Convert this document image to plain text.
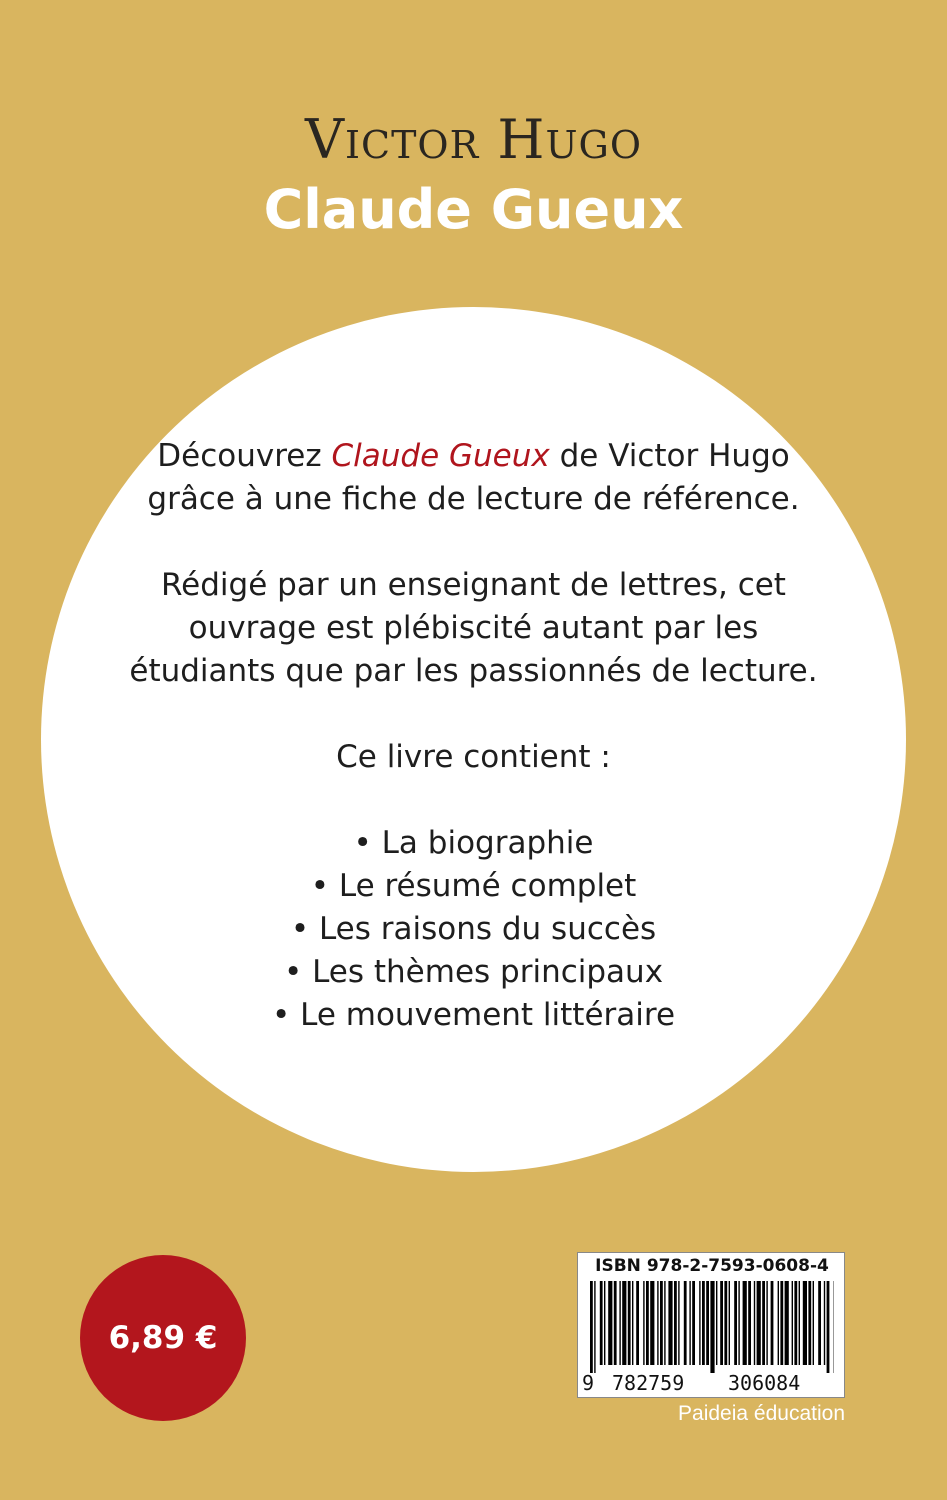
Victor Hugo
Claude Gueux

Découvrez Claude Gueux de Victor Hugo grâce à une fiche de lecture de référence.

Rédigé par un enseignant de lettres, cet ouvrage est plébiscité autant par les étudiants que par les passionnés de lecture.

Ce livre contient :

• La biographie
• Le résumé complet
• Les raisons du succès
• Les thèmes principaux
• Le mouvement littéraire
6,89 €
ISBN 978-2-7593-0608-4
9 782759 306084
Paideia éducation
